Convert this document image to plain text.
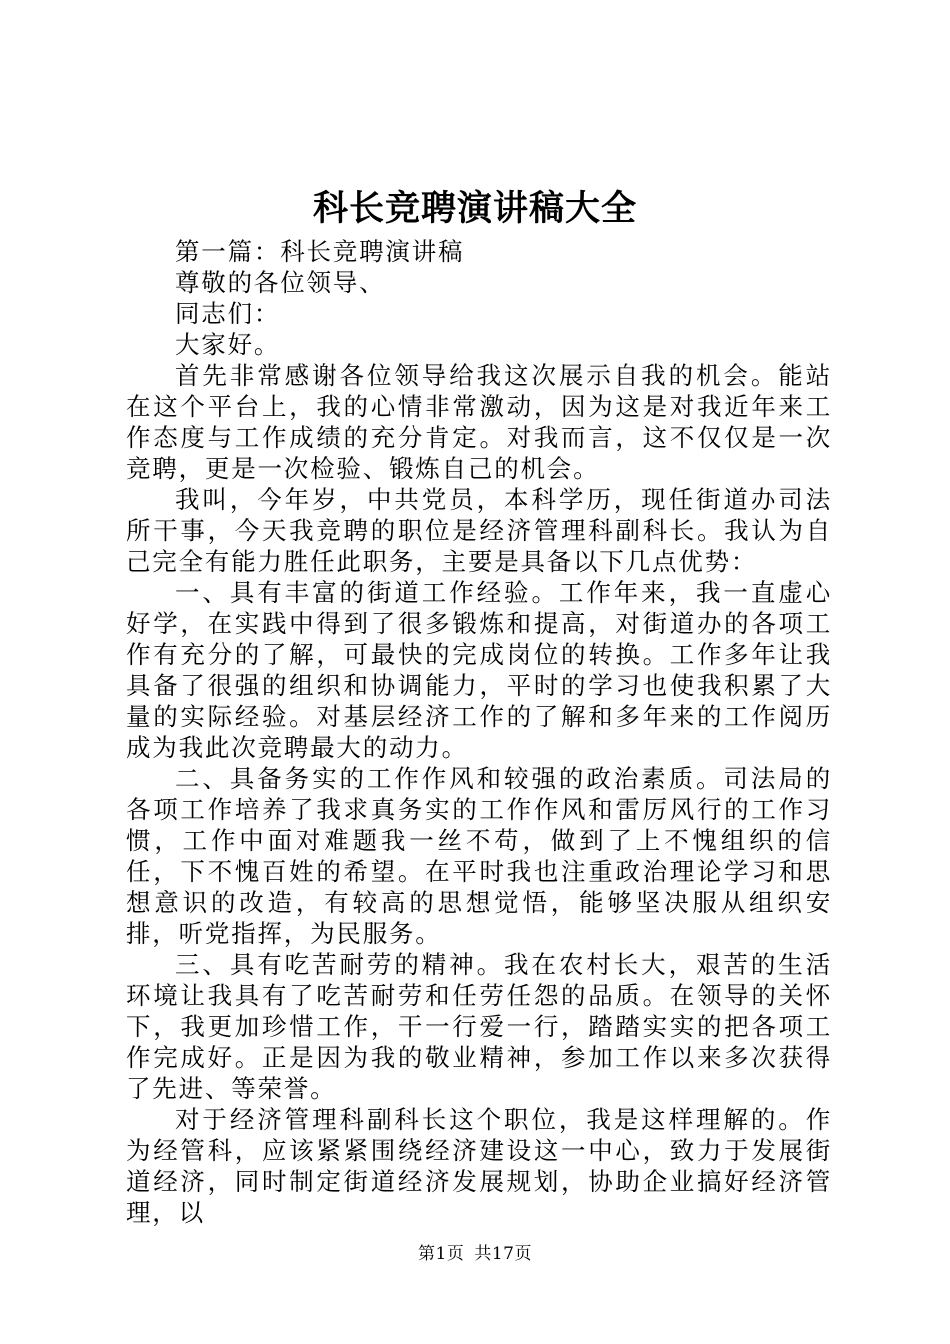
科长竞聘演讲稿大全

第一篇：科长竞聘演讲稿

尊敬的各位领导、

同志们：

大家好。

首先非常感谢各位领导给我这次展示自我的机会。能站在这个平台上，我的心情非常激动，因为这是对我近年来工作态度与工作成绩的充分肯定。对我而言，这不仅仅是一次竞聘，更是一次检验、锻炼自己的机会。

我叫，今年岁，中共党员，本科学历，现任街道办司法所干事，今天我竞聘的职位是经济管理科副科长。我认为自己完全有能力胜任此职务，主要是具备以下几点优势：

一、具有丰富的街道工作经验。工作年来，我一直虚心好学，在实践中得到了很多锻炼和提高，对街道办的各项工作有充分的了解，可最快的完成岗位的转换。工作多年让我具备了很强的组织和协调能力，平时的学习也使我积累了大量的实际经验。对基层经济工作的了解和多年来的工作阅历成为我此次竞聘最大的动力。

二、具备务实的工作作风和较强的政治素质。司法局的各项工作培养了我求真务实的工作作风和雷厉风行的工作习惯，工作中面对难题我一丝不苟，做到了上不愧组织的信任，下不愧百姓的希望。在平时我也注重政治理论学习和思想意识的改造，有较高的思想觉悟，能够坚决服从组织安排，听党指挥，为民服务。

三、具有吃苦耐劳的精神。我在农村长大，艰苦的生活环境让我具有了吃苦耐劳和任劳任怨的品质。在领导的关怀下，我更加珍惜工作，干一行爱一行，踏踏实实的把各项工作完成好。正是因为我的敬业精神，参加工作以来多次获得了先进、等荣誉。

对于经济管理科副科长这个职位，我是这样理解的。作为经管科，应该紧紧围绕经济建设这一中心，致力于发展街道经济，同时制定街道经济发展规划，协助企业搞好经济管理，以

第1页 共17页
